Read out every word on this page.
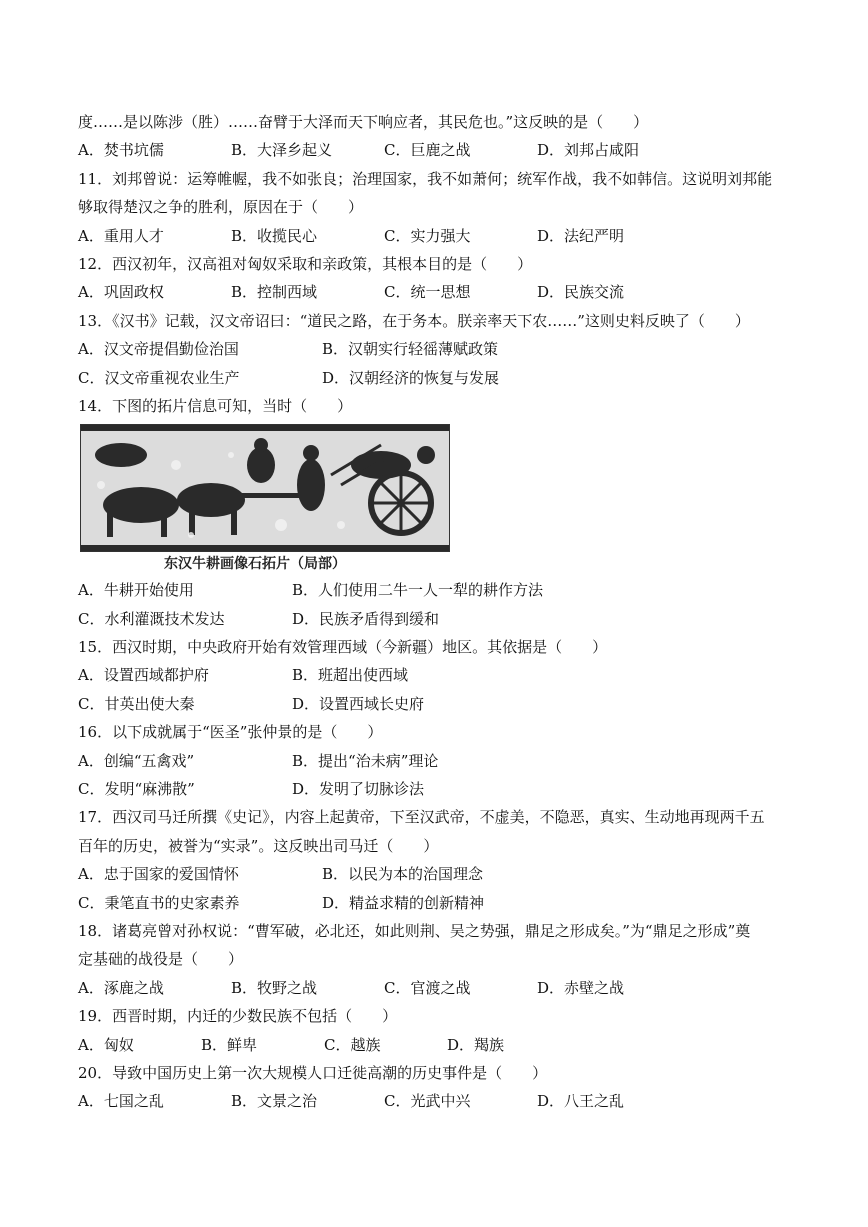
度……是以陈涉（胜）……奋臂于大泽而天下响应者，其民危也。”这反映的是（　　）
A．焚书坑儒	B．大泽乡起义	C．巨鹿之战	D．刘邦占咸阳
11．刘邦曾说：运筹帷幄，我不如张良；治理国家，我不如萧何；统军作战，我不如韩信。这说明刘邦能
够取得楚汉之争的胜利，原因在于（　　）
A．重用人才	B．收揽民心	C．实力强大	D．法纪严明
12．西汉初年，汉高祖对匈奴采取和亲政策，其根本目的是（　　）
A．巩固政权	B．控制西域	C．统一思想	D．民族交流
13．《汉书》记载，汉文帝诏曰：“道民之路，在于务本。朕亲率天下农……”这则史料反映了（　　）
A．汉文帝提倡勤俭治国	B．汉朝实行轻徭薄赋政策
C．汉文帝重视农业生产	D．汉朝经济的恢复与发展
14．下图的拓片信息可知，当时（　　）
东汉牛耕画像石拓片（局部）
A．牛耕开始使用	B．人们使用二牛一人一犁的耕作方法
C．水利灌溉技术发达	D．民族矛盾得到缓和
15．西汉时期，中央政府开始有效管理西域（今新疆）地区。其依据是（　　）
A．设置西域都护府	B．班超出使西域
C．甘英出使大秦	D．设置西域长史府
16．以下成就属于“医圣”张仲景的是（　　）
A．创编“五禽戏”	B．提出“治未病”理论
C．发明“麻沸散”	D．发明了切脉诊法
17．西汉司马迁所撰《史记》，内容上起黄帝，下至汉武帝，不虚美，不隐恶，真实、生动地再现两千五
百年的历史，被誉为“实录”。这反映出司马迁（　　）
A．忠于国家的爱国情怀	B．以民为本的治国理念
C．秉笔直书的史家素养	D．精益求精的创新精神
18．诸葛亮曾对孙权说：“曹军破，必北还，如此则荆、吴之势强，鼎足之形成矣。”为“鼎足之形成”奠
定基础的战役是（　　）
A．涿鹿之战	B．牧野之战	C．官渡之战	D．赤壁之战
19．西晋时期，内迁的少数民族不包括（　　）
A．匈奴	B．鲜卑	C．越族	D．羯族
20．导致中国历史上第一次大规模人口迁徙高潮的历史事件是（　　）
A．七国之乱	B．文景之治	C．光武中兴	D．八王之乱
